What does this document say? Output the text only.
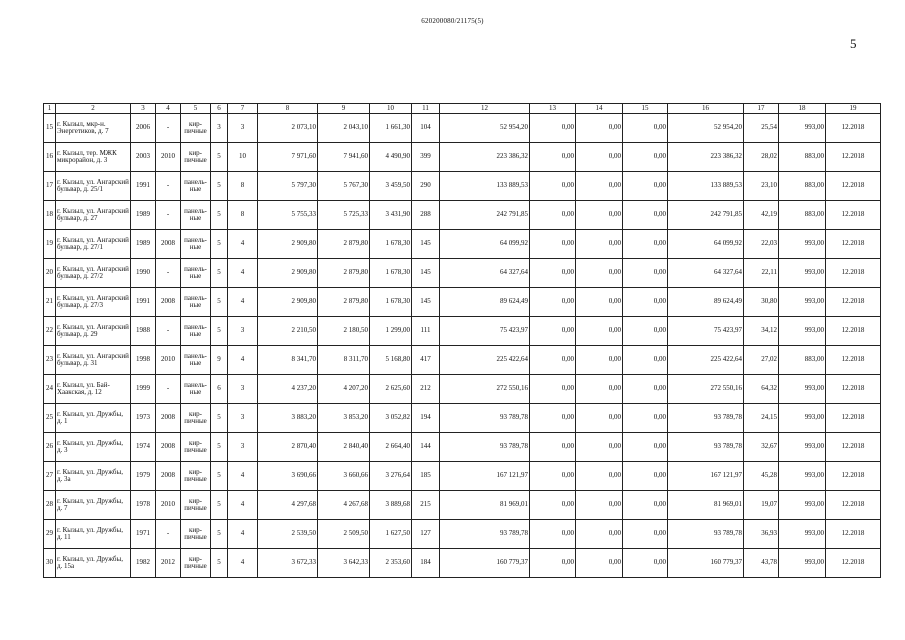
620200080/21175(5)
5
1	2	3	4	5	6	7	8	9	10	11	12	13	14	15	16	17	18	19
15	г. Кызыл, мкр-н. Энергетиков, д. 7	2006	-	кир-пичные	3	3	2 073,10	2 043,10	1 661,30	104	52 954,20	0,00	0,00	0,00	52 954,20	25,54	993,00	12.2018
16	г. Кызыл, тер. МЖК микрорайон, д. 3	2003	2010	кир-пичные	5	10	7 971,60	7 941,60	4 490,90	399	223 386,32	0,00	0,00	0,00	223 386,32	28,02	883,00	12.2018
17	г. Кызыл, ул. Ангарский бульвар, д. 25/1	1991	-	панель-ные	5	8	5 797,30	5 767,30	3 459,50	290	133 889,53	0,00	0,00	0,00	133 889,53	23,10	883,00	12.2018
18	г. Кызыл, ул. Ангарский бульвар, д. 27	1989	-	панель-ные	5	8	5 755,33	5 725,33	3 431,90	288	242 791,85	0,00	0,00	0,00	242 791,85	42,19	883,00	12.2018
19	г. Кызыл, ул. Ангарский бульвар, д. 27/1	1989	2008	панель-ные	5	4	2 909,80	2 879,80	1 678,30	145	64 099,92	0,00	0,00	0,00	64 099,92	22,03	993,00	12.2018
20	г. Кызыл, ул. Ангарский бульвар, д. 27/2	1990	-	панель-ные	5	4	2 909,80	2 879,80	1 678,30	145	64 327,64	0,00	0,00	0,00	64 327,64	22,11	993,00	12.2018
21	г. Кызыл, ул. Ангарский бульвар, д. 27/3	1991	2008	панель-ные	5	4	2 909,80	2 879,80	1 678,30	145	89 624,49	0,00	0,00	0,00	89 624,49	30,80	993,00	12.2018
22	г. Кызыл, ул. Ангарский бульвар, д. 29	1988	-	панель-ные	5	3	2 210,50	2 180,50	1 299,00	111	75 423,97	0,00	0,00	0,00	75 423,97	34,12	993,00	12.2018
23	г. Кызыл, ул. Ангарский бульвар, д. 31	1998	2010	панель-ные	9	4	8 341,70	8 311,70	5 168,80	417	225 422,64	0,00	0,00	0,00	225 422,64	27,02	883,00	12.2018
24	г. Кызыл, ул. Бай-Хаакская, д. 12	1999	-	панель-ные	6	3	4 237,20	4 207,20	2 625,60	212	272 550,16	0,00	0,00	0,00	272 550,16	64,32	993,00	12.2018
25	г. Кызыл, ул. Дружбы, д. 1	1973	2008	кир-пичные	5	3	3 883,20	3 853,20	3 052,82	194	93 789,78	0,00	0,00	0,00	93 789,78	24,15	993,00	12.2018
26	г. Кызыл, ул. Дружбы, д. 3	1974	2008	кир-пичные	5	3	2 870,40	2 840,40	2 664,40	144	93 789,78	0,00	0,00	0,00	93 789,78	32,67	993,00	12.2018
27	г. Кызыл, ул. Дружбы, д. 3а	1979	2008	кир-пичные	5	4	3 690,66	3 660,66	3 276,64	185	167 121,97	0,00	0,00	0,00	167 121,97	45,28	993,00	12.2018
28	г. Кызыл, ул. Дружбы, д. 7	1978	2010	кир-пичные	5	4	4 297,68	4 267,68	3 889,68	215	81 969,01	0,00	0,00	0,00	81 969,01	19,07	993,00	12.2018
29	г. Кызыл, ул. Дружбы, д. 11	1971	-	кир-пичные	5	4	2 539,50	2 509,50	1 627,50	127	93 789,78	0,00	0,00	0,00	93 789,78	36,93	993,00	12.2018
30	г. Кызыл, ул. Дружбы, д. 15а	1982	2012	кир-пичные	5	4	3 672,33	3 642,33	2 353,60	184	160 779,37	0,00	0,00	0,00	160 779,37	43,78	993,00	12.2018
